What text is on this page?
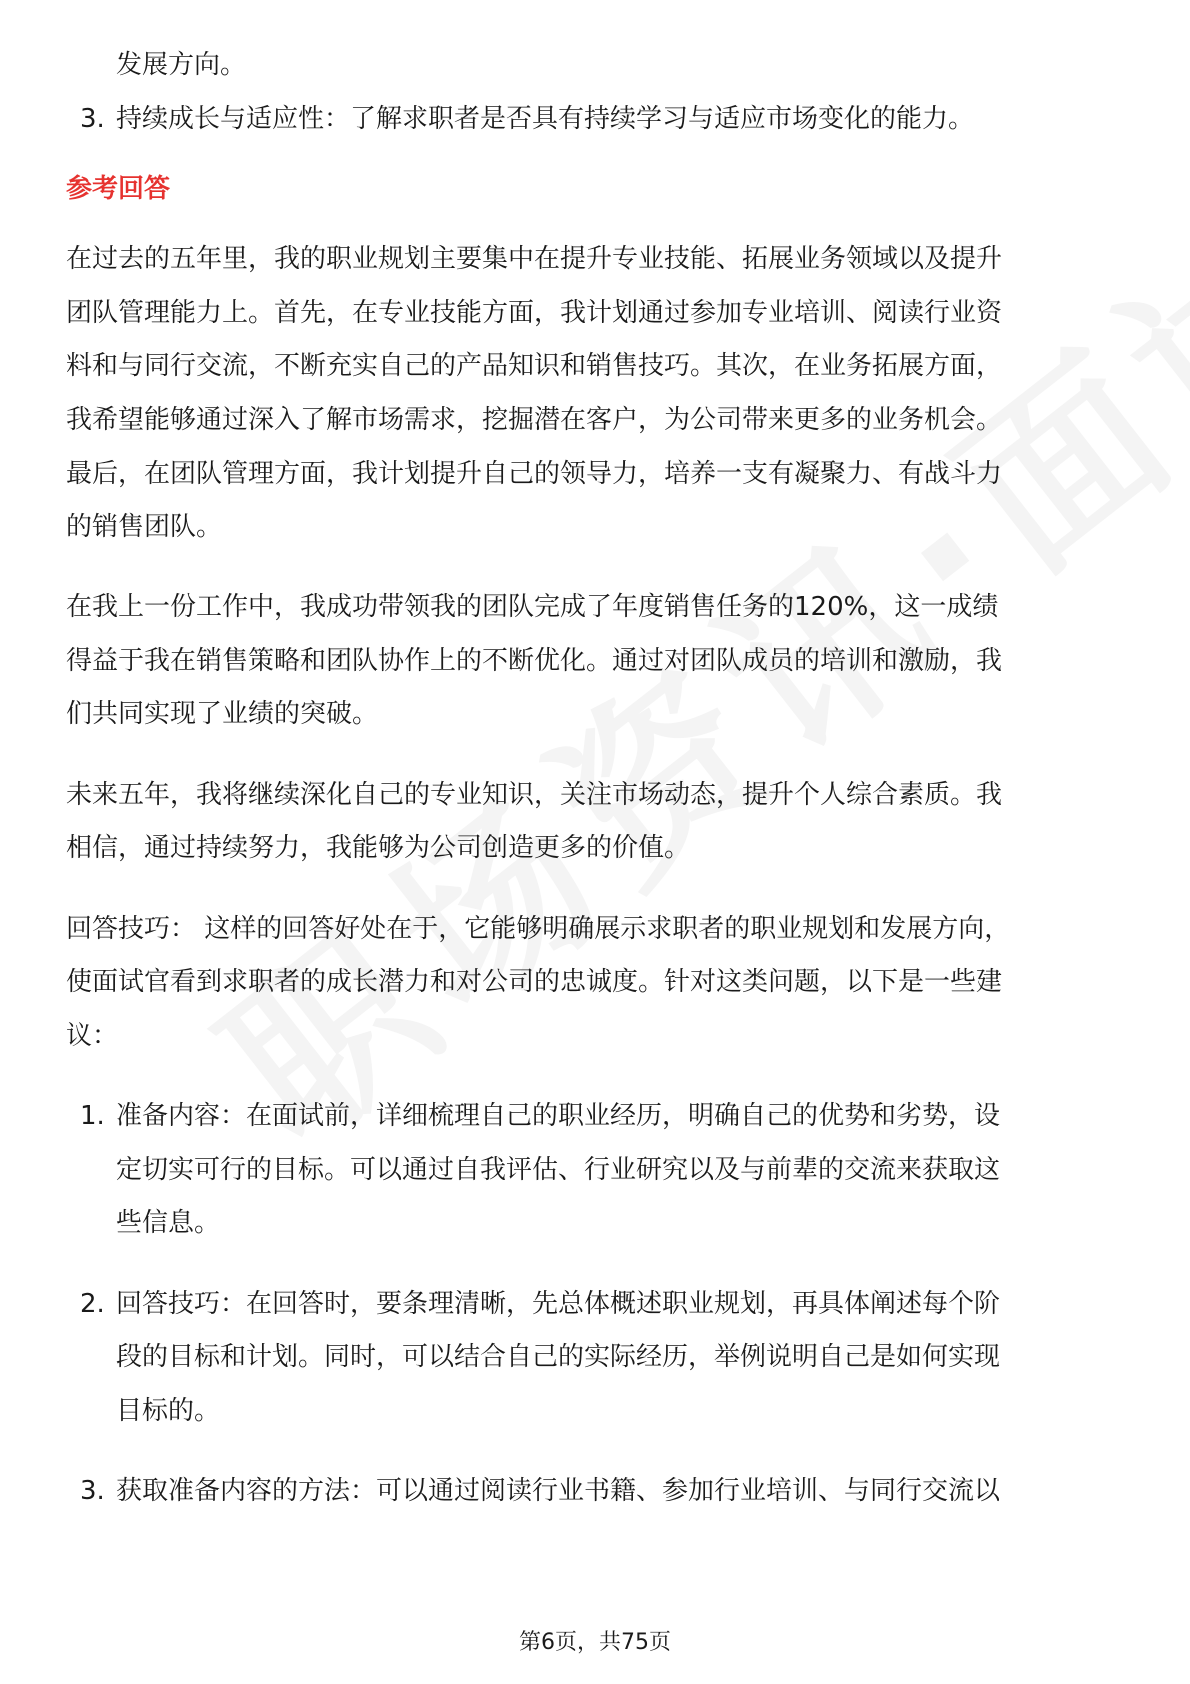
发展方向。
3. 持续成长与适应性：了解求职者是否具有持续学习与适应市场变化的能力。
参考回答
在过去的五年里，我的职业规划主要集中在提升专业技能、拓展业务领域以及提升
团队管理能力上。首先，在专业技能方面，我计划通过参加专业培训、阅读行业资
料和与同行交流，不断充实自己的产品知识和销售技巧。其次，在业务拓展方面，
我希望能够通过深入了解市场需求，挖掘潜在客户，为公司带来更多的业务机会。
最后，在团队管理方面，我计划提升自己的领导力，培养一支有凝聚力、有战斗力
的销售团队。
在我上一份工作中，我成功带领我的团队完成了年度销售任务的120%，这一成绩
得益于我在销售策略和团队协作上的不断优化。通过对团队成员的培训和激励，我
们共同实现了业绩的突破。
未来五年，我将继续深化自己的专业知识，关注市场动态，提升个人综合素质。我
相信，通过持续努力，我能够为公司创造更多的价值。
回答技巧： 这样的回答好处在于，它能够明确展示求职者的职业规划和发展方向，
使面试官看到求职者的成长潜力和对公司的忠诚度。针对这类问题，以下是一些建
议：
1. 准备内容：在面试前，详细梳理自己的职业经历，明确自己的优势和劣势，设
定切实可行的目标。可以通过自我评估、行业研究以及与前辈的交流来获取这
些信息。
2. 回答技巧：在回答时，要条理清晰，先总体概述职业规划，再具体阐述每个阶
段的目标和计划。同时，可以结合自己的实际经历，举例说明自己是如何实现
目标的。
3. 获取准备内容的方法：可以通过阅读行业书籍、参加行业培训、与同行交流以
第6页，共75页
